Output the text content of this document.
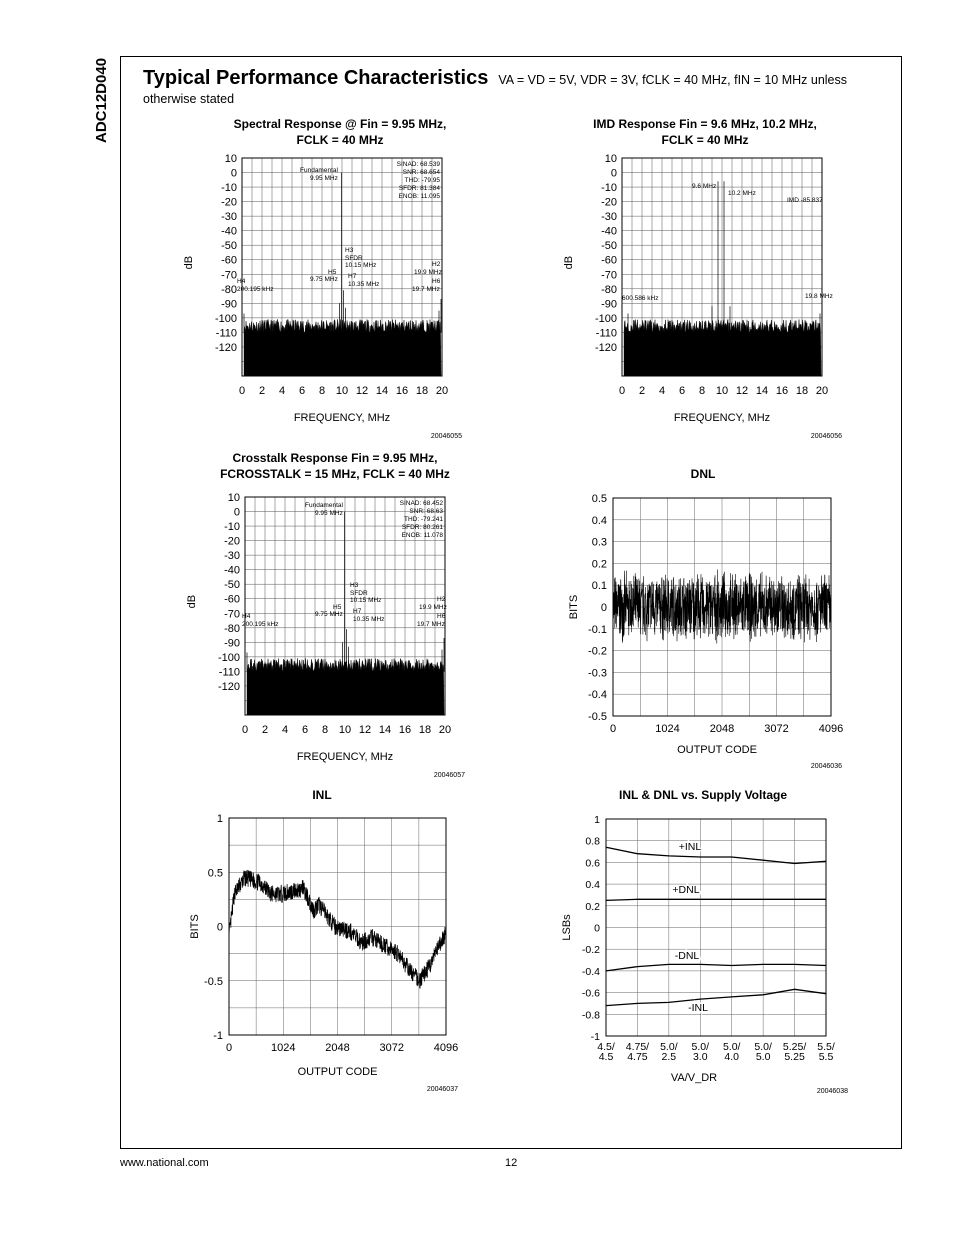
ADC12D040 Typical Performance Characteristics VA = VD = 5V, VDR = 3V, fCLK = 40 MHz, fIN = 10 MHz unless
otherwise stated
Spectral Response @ Fin = 9.95 MHz,
FCLK = 40 MHz
IMD Response Fin = 9.6 MHz, 10.2 MHz,
FCLK = 40 MHz
Crosstalk Response Fin = 9.95 MHz,
FCROSSTALK = 15 MHz, FCLK = 40 MHz	DNL
INL	INL & DNL vs. Supply Voltage
0 2 4 6 8 10 12 14 16 18 20
10
0
-10
-20
-30
-40
-50
-60
-70
-80
-90
-100
-110
-120
FREQUENCY, MHz
dB
20046055
SINAD: 68.539
SNR: 68.654
THD: -79.95
SFDR: 81.384
ENOB: 11.095
Fundamental
9.95 MHz
H3
SFDR
10.15 MHz
H5
9.75 MHz H7
10.35 MHz
H2
19.9 MHz
H6
19.7 MHz
H4
200.195 kHz
0 2 4 6 8 10 12 14 16 18 20
10
0
-10
-20
-30
-40
-50
-60
-70
-80
-90
-100
-110
-120
FREQUENCY, MHz
dB
20046056
9.6 MHz
10.2 MHz
IMD -85.837
600.586 kHz	19.8 MHz
0 2 4 6 8 10 12 14 16 18 20
10
0
-10
-20
-30
-40
-50
-60
-70
-80
-90
-100
-110
-120
FREQUENCY, MHz
dB
20046057
SINAD: 68.452
SNR: 68.63
THD: -79.241
SFDR: 80.261
ENOB: 11.078
Fundamental
9.95 MHz
H3
SFDR
10.15 MHz
H5
9.75 MHz H7
10.35 MHz
H2
19.9 MHz
H6
19.7 MHz
H4
200.195 kHz
0	1024	2048	3072	4096
0.5
0.4
0.3
0.2
0.1
0
-0.1
-0.2
-0.3
-0.4
-0.5
OUTPUT CODE
BITS
20046036
0	1024	2048	3072	4096
1
0.5
0
-0.5
-1
OUTPUT CODE
BITS
20046037
+INL
+DNL
-DNL
-INL
4.5/ 4.5
4.75/ 4.75
5.0/ 2.5
5.0/ 3.0
5.0/ 4.0
5.0/ 5.0
5.25/ 5.25
5.5/ 5.5
1
0.8
0.6
0.4
0.2
0
-0.2
-0.4
-0.6
-0.8
-1
VA/V_DR
LSBs
20046038
www.national.com	12
